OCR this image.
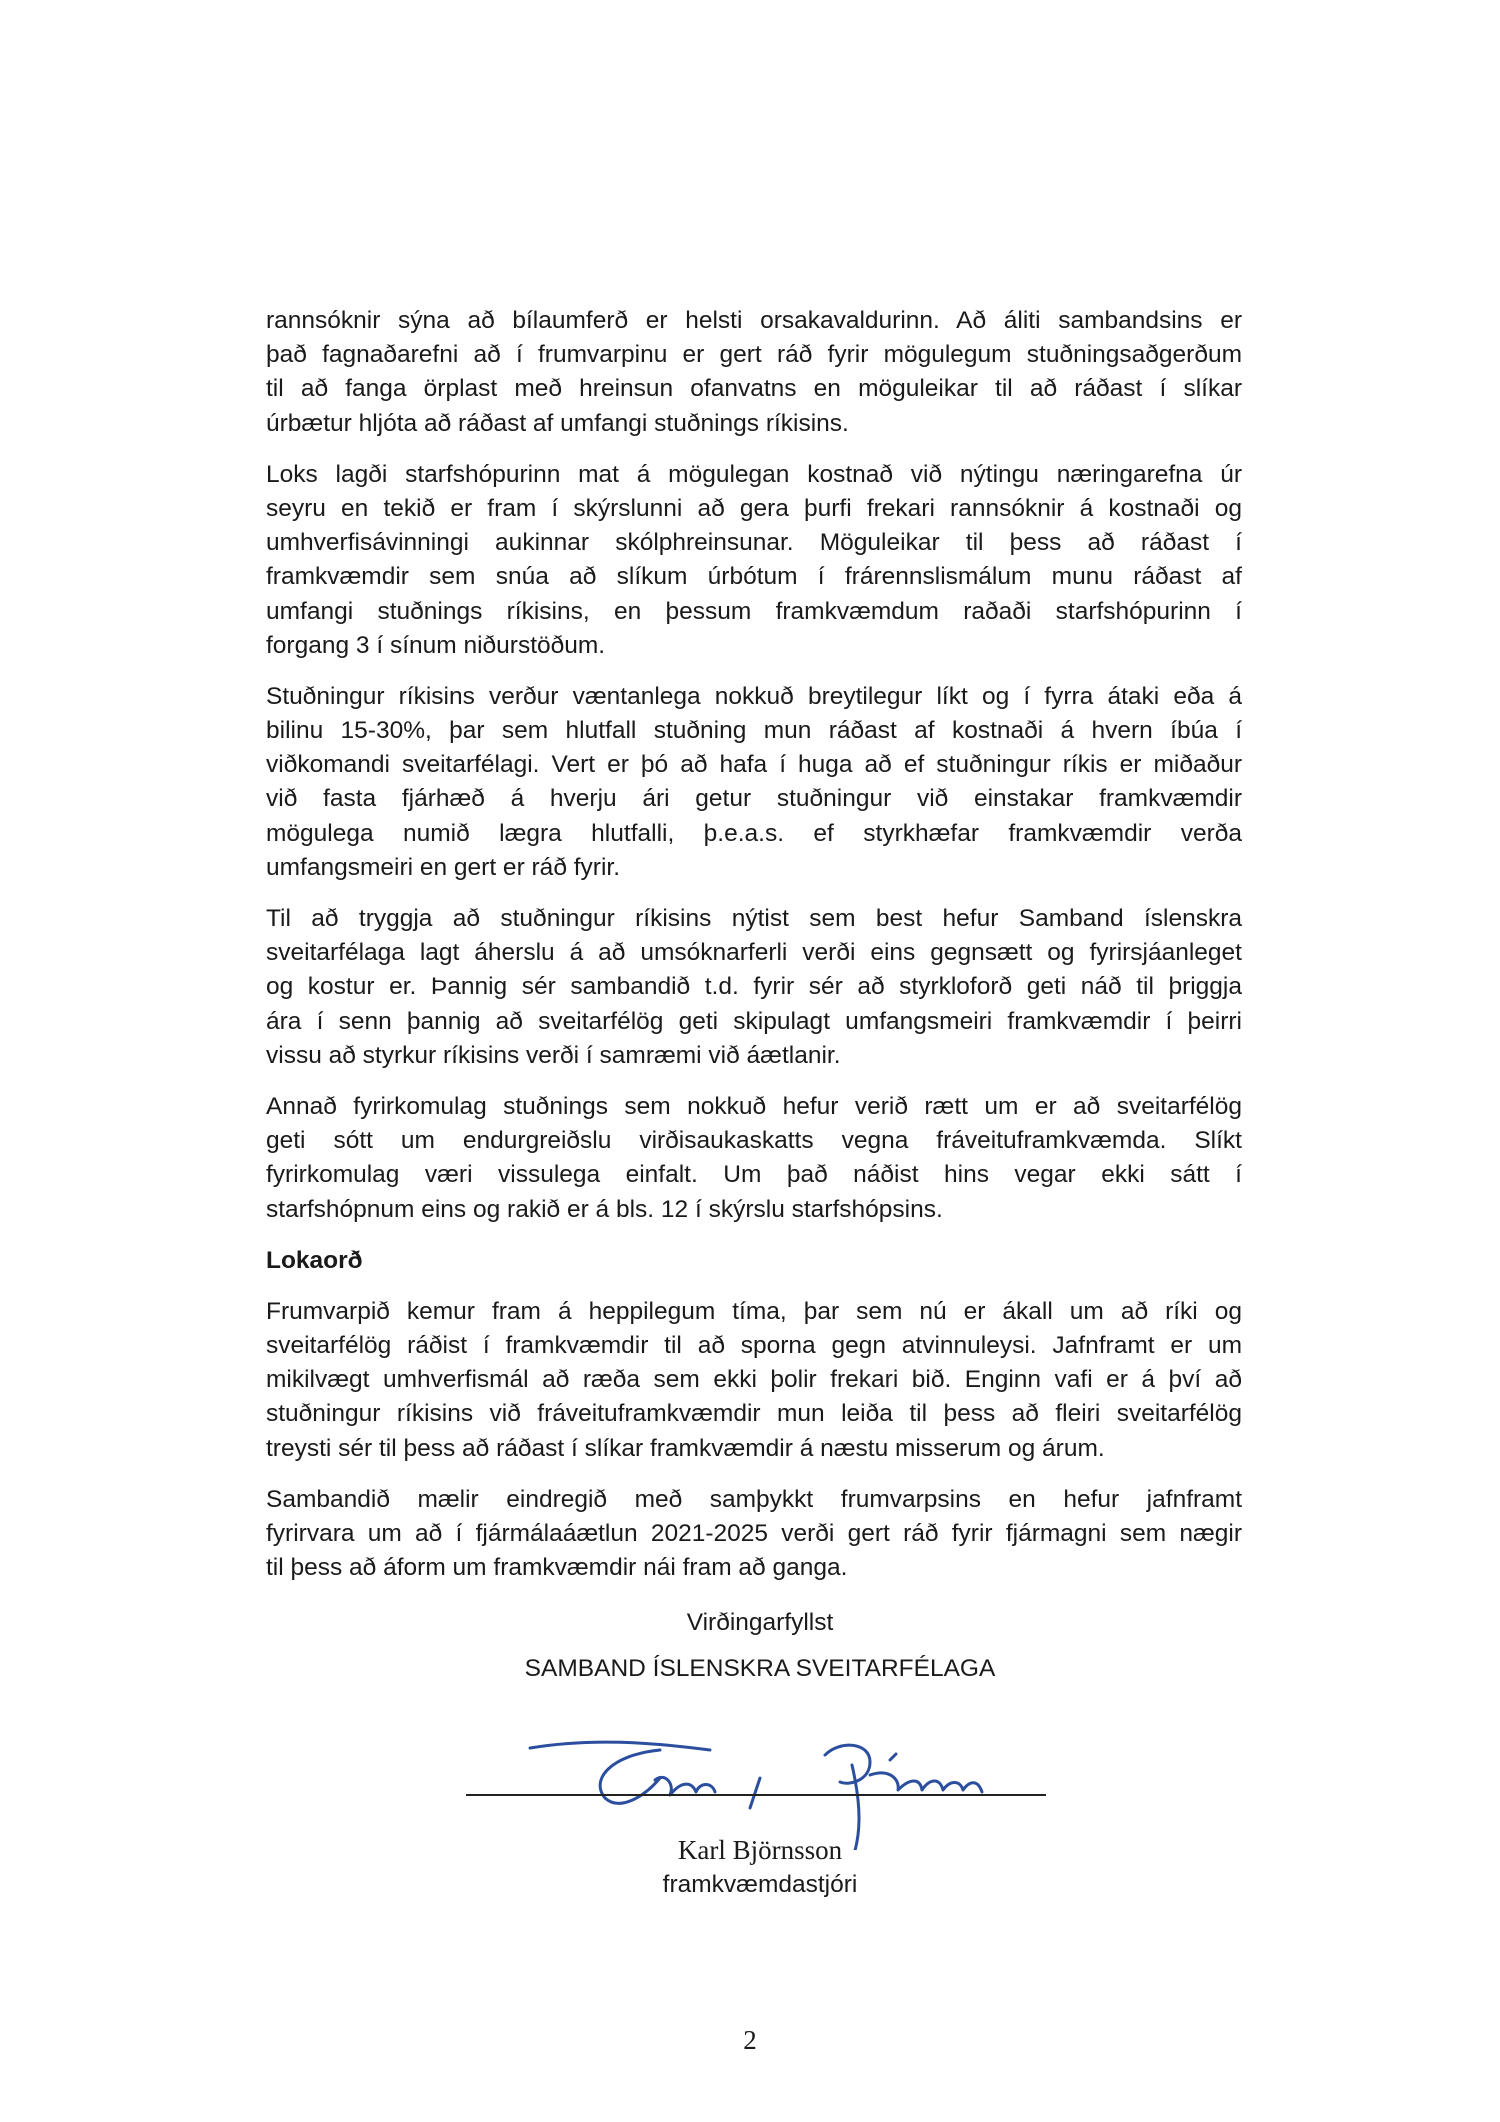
rannsóknir sýna að bílaumferð er helsti orsakavaldurinn. Að áliti sambandsins er
það fagnaðarefni að í frumvarpinu er gert ráð fyrir mögulegum stuðningsaðgerðum
til að fanga örplast með hreinsun ofanvatns en möguleikar til að ráðast í slíkar
úrbætur hljóta að ráðast af umfangi stuðnings ríkisins.
Loks lagði starfshópurinn mat á mögulegan kostnað við nýtingu næringarefna úr
seyru en tekið er fram í skýrslunni að gera þurfi frekari rannsóknir á kostnaði og
umhverfisávinningi aukinnar skólphreinsunar. Möguleikar til þess að ráðast í
framkvæmdir sem snúa að slíkum úrbótum í frárennslismálum munu ráðast af
umfangi stuðnings ríkisins, en þessum framkvæmdum raðaði starfshópurinn í
forgang 3 í sínum niðurstöðum.
Stuðningur ríkisins verður væntanlega nokkuð breytilegur líkt og í fyrra átaki eða á
bilinu 15-30%, þar sem hlutfall stuðning mun ráðast af kostnaði á hvern íbúa í
viðkomandi sveitarfélagi. Vert er þó að hafa í huga að ef stuðningur ríkis er miðaður
við fasta fjárhæð á hverju ári getur stuðningur við einstakar framkvæmdir
mögulega numið lægra hlutfalli, þ.e.a.s. ef styrkhæfar framkvæmdir verða
umfangsmeiri en gert er ráð fyrir.
Til að tryggja að stuðningur ríkisins nýtist sem best hefur Samband íslenskra
sveitarfélaga lagt áherslu á að umsóknarferli verði eins gegnsætt og fyrirsjáanleget
og kostur er. Þannig sér sambandið t.d. fyrir sér að styrkloforð geti náð til þriggja
ára í senn þannig að sveitarfélög geti skipulagt umfangsmeiri framkvæmdir í þeirri
vissu að styrkur ríkisins verði í samræmi við áætlanir.
Annað fyrirkomulag stuðnings sem nokkuð hefur verið rætt um er að sveitarfélög
geti sótt um endurgreiðslu virðisaukaskatts vegna fráveituframkvæmda. Slíkt
fyrirkomulag væri vissulega einfalt. Um það náðist hins vegar ekki sátt í
starfshópnum eins og rakið er á bls. 12 í skýrslu starfshópsins.
Lokaorð
Frumvarpið kemur fram á heppilegum tíma, þar sem nú er ákall um að ríki og
sveitarfélög ráðist í framkvæmdir til að sporna gegn atvinnuleysi. Jafnframt er um
mikilvægt umhverfismál að ræða sem ekki þolir frekari bið. Enginn vafi er á því að
stuðningur ríkisins við fráveituframkvæmdir mun leiða til þess að fleiri sveitarfélög
treysti sér til þess að ráðast í slíkar framkvæmdir á næstu misserum og árum.
Sambandið mælir eindregið með samþykkt frumvarpsins en hefur jafnframt
fyrirvara um að í fjármálaáætlun 2021-2025 verði gert ráð fyrir fjármagni sem nægir
til þess að áform um framkvæmdir nái fram að ganga.
Virðingarfyllst
SAMBAND ÍSLENSKRA SVEITARFÉLAGA
Karl Björnsson
framkvæmdastjóri
2
